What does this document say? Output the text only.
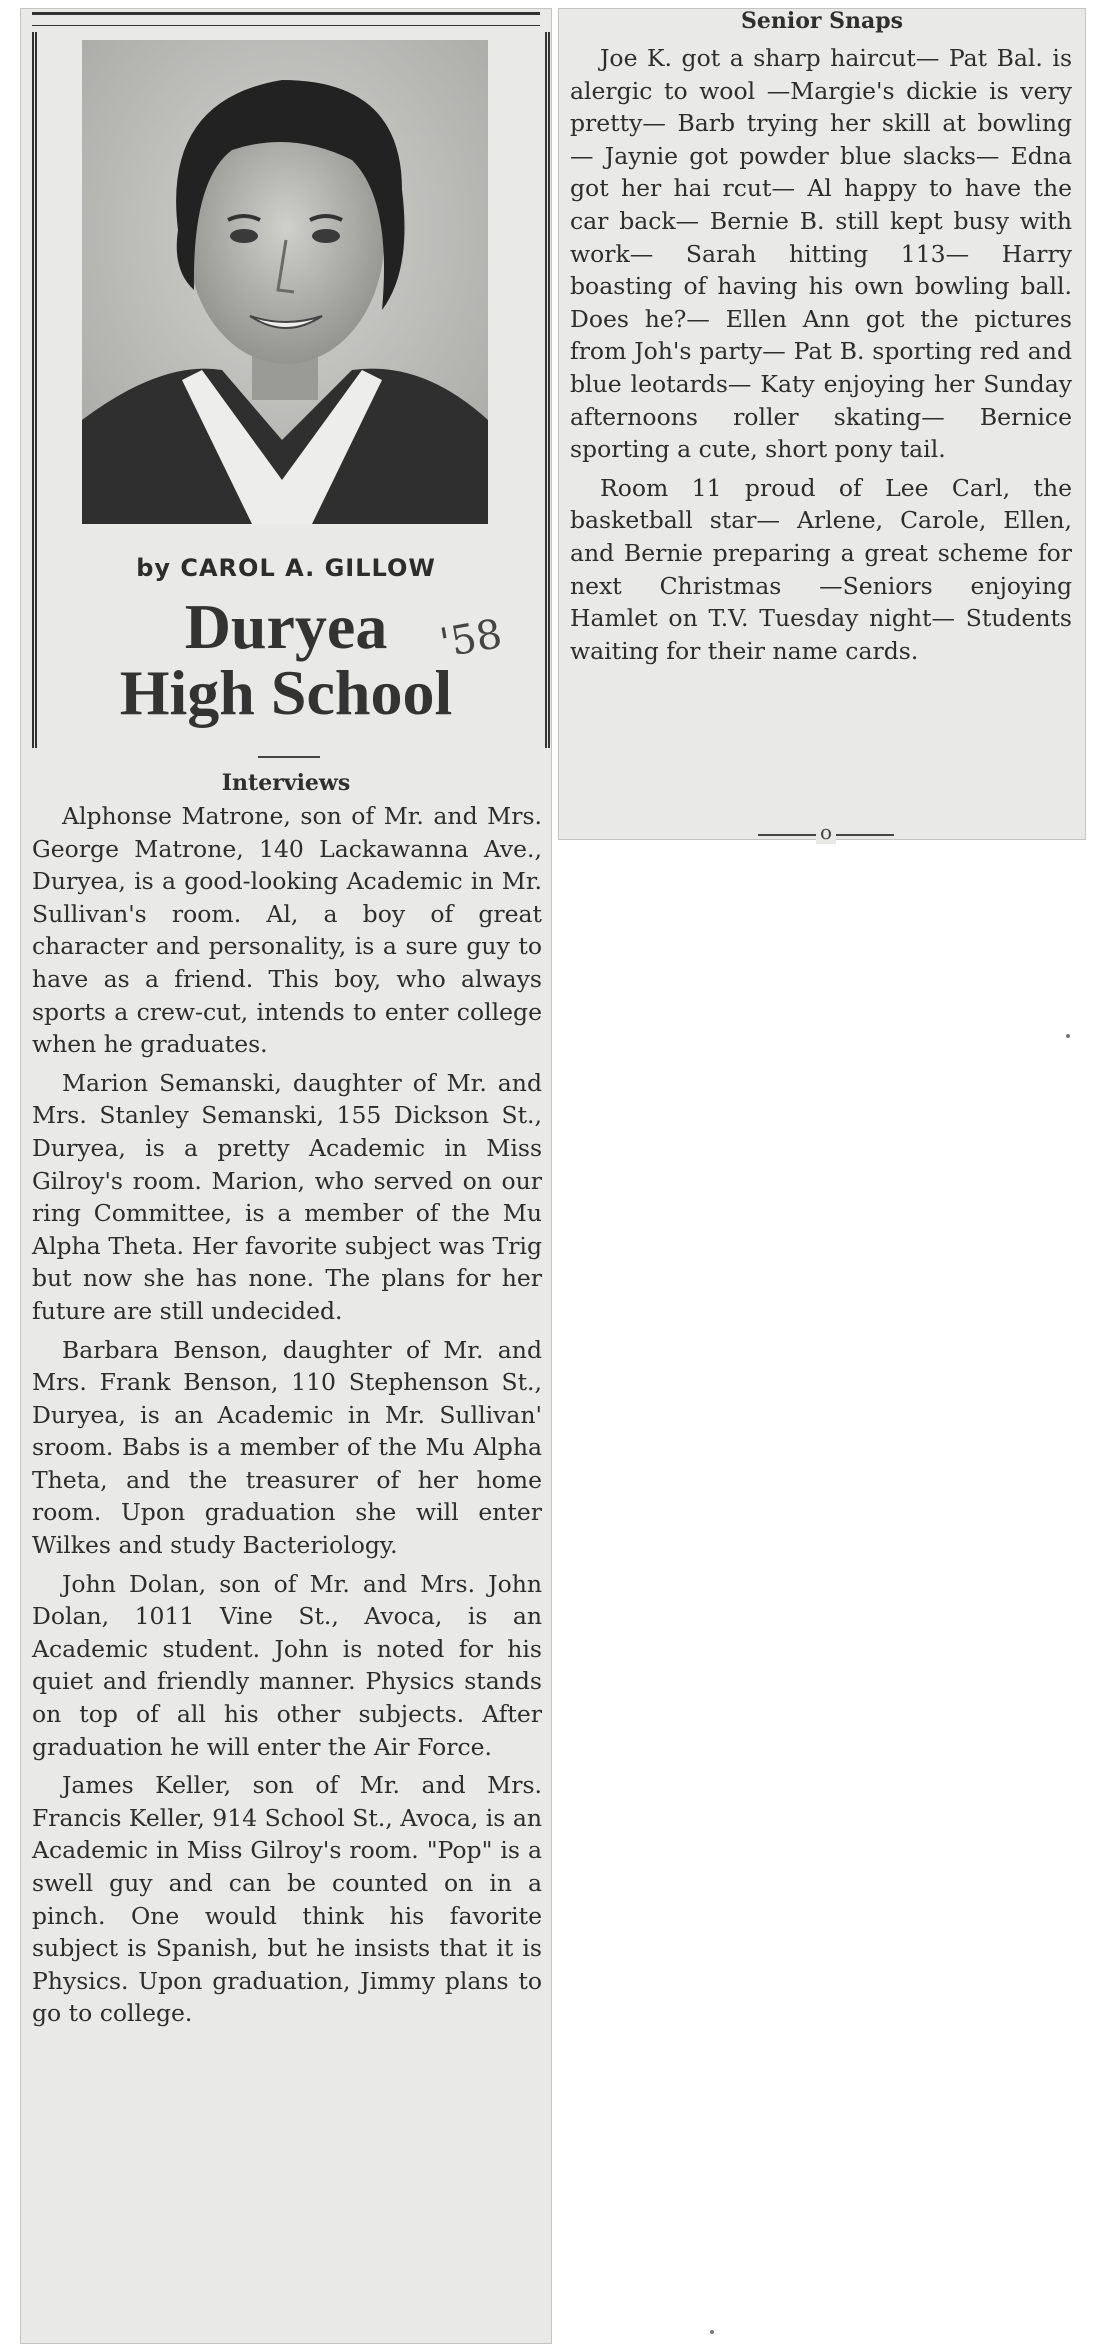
by CAROL A. GILLOW
Duryea
High School
'58
Interviews

Alphonse Matrone, son of Mr. and Mrs. George Matrone, 140 Lackawanna Ave., Duryea, is a good-looking Academic in Mr. Sullivan's room. Al, a boy of great character and personality, is a sure guy to have as a friend. This boy, who always sports a crew-cut, intends to enter college when he graduates.

Marion Semanski, daughter of Mr. and Mrs. Stanley Semanski, 155 Dickson St., Duryea, is a pretty Academic in Miss Gilroy's room. Marion, who served on our ring Committee, is a member of the Mu Alpha Theta. Her favorite subject was Trig but now she has none. The plans for her future are still undecided.

Barbara Benson, daughter of Mr. and Mrs. Frank Benson, 110 Stephenson St., Duryea, is an Academic in Mr. Sullivan' sroom. Babs is a member of the Mu Alpha Theta, and the treasurer of her home room. Upon graduation she will enter Wilkes and study Bacteriology.

John Dolan, son of Mr. and Mrs. John Dolan, 1011 Vine St., Avoca, is an Academic student. John is noted for his quiet and friendly manner. Physics stands on top of all his other subjects. After graduation he will enter the Air Force.

James Keller, son of Mr. and Mrs. Francis Keller, 914 School St., Avoca, is an Academic in Miss Gilroy's room. "Pop" is a swell guy and can be counted on in a pinch. One would think his favorite subject is Spanish, but he insists that it is Physics. Upon graduation, Jimmy plans to go to college.

Senior Snaps

Joe K. got a sharp haircut— Pat Bal. is alergic to wool —Margie's dickie is very pretty— Barb trying her skill at bowling — Jaynie got powder blue slacks— Edna got her hai rcut— Al happy to have the car back— Bernie B. still kept busy with work— Sarah hitting 113— Harry boasting of having his own bowling ball. Does he?— Ellen Ann got the pictures from Joh's party— Pat B. sporting red and blue leotards— Katy enjoying her Sunday afternoons roller skating— Bernice sporting a cute, short pony tail.

Room 11 proud of Lee Carl, the basketball star— Arlene, Carole, Ellen, and Bernie preparing a great scheme for next Christmas —Seniors enjoying Hamlet on T.V. Tuesday night— Students waiting for their name cards.

o
